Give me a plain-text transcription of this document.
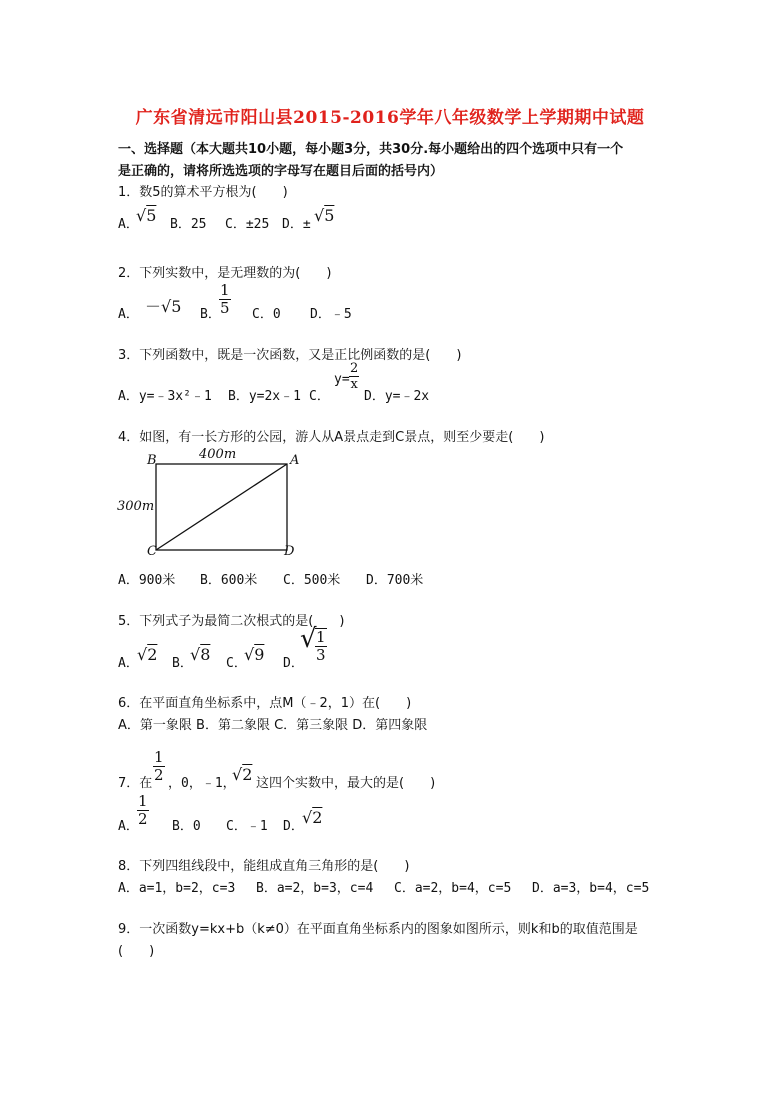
广东省清远市阳山县2015-2016学年八年级数学上学期期中试题
一、选择题（本大题共10小题，每小题3分，共30分.每小题给出的四个选项中只有一个
是正确的，请将所选选项的字母写在题目后面的括号内）
1．数5的算术平方根为(　　)
A．
√5 B．25 C．±25 D．± √5
2．下列实数中，是无理数的为(　　)
A． －√5 B．
$\frac{1}{5}$ C．0 D．﹣5
3．下列函数中，既是一次函数，又是正比例函数的是(　　)
A．y=﹣3x²﹣1 B．y=2x﹣1 C．
$y= \frac{2}{x}$
D．y=﹣2x
4．如图，有一长方形的公园，游人从A景点走到C景点，则至少要走(　　)
B	A
C	D
400m
300m
A．900米 B．600米 C．500米 D．700米
5．下列式子为最简二次根式的是(　　)
A．
√2 B．
√8 C．
√9 D．
√
$\frac{1}{3}$
6．在平面直角坐标系中，点M（﹣2，1）在(　　)
A．第一象限 B．第二象限 C．第三象限 D．第四象限
7．在
$\frac{1}{2}$
，0，﹣1，
√2 这四个实数中，最大的是(　　)
A．
$\frac{1}{2}$ B．0 C．﹣1 D．
√2
8．下列四组线段中，能组成直角三角形的是(　　)
A．a=1，b=2，c=3 B．a=2，b=3，c=4 C．a=2，b=4，c=5 D．a=3，b=4，c=5
9．一次函数y=kx+b（k≠0）在平面直角坐标系内的图象如图所示，则k和b的取值范围是
(　　)
